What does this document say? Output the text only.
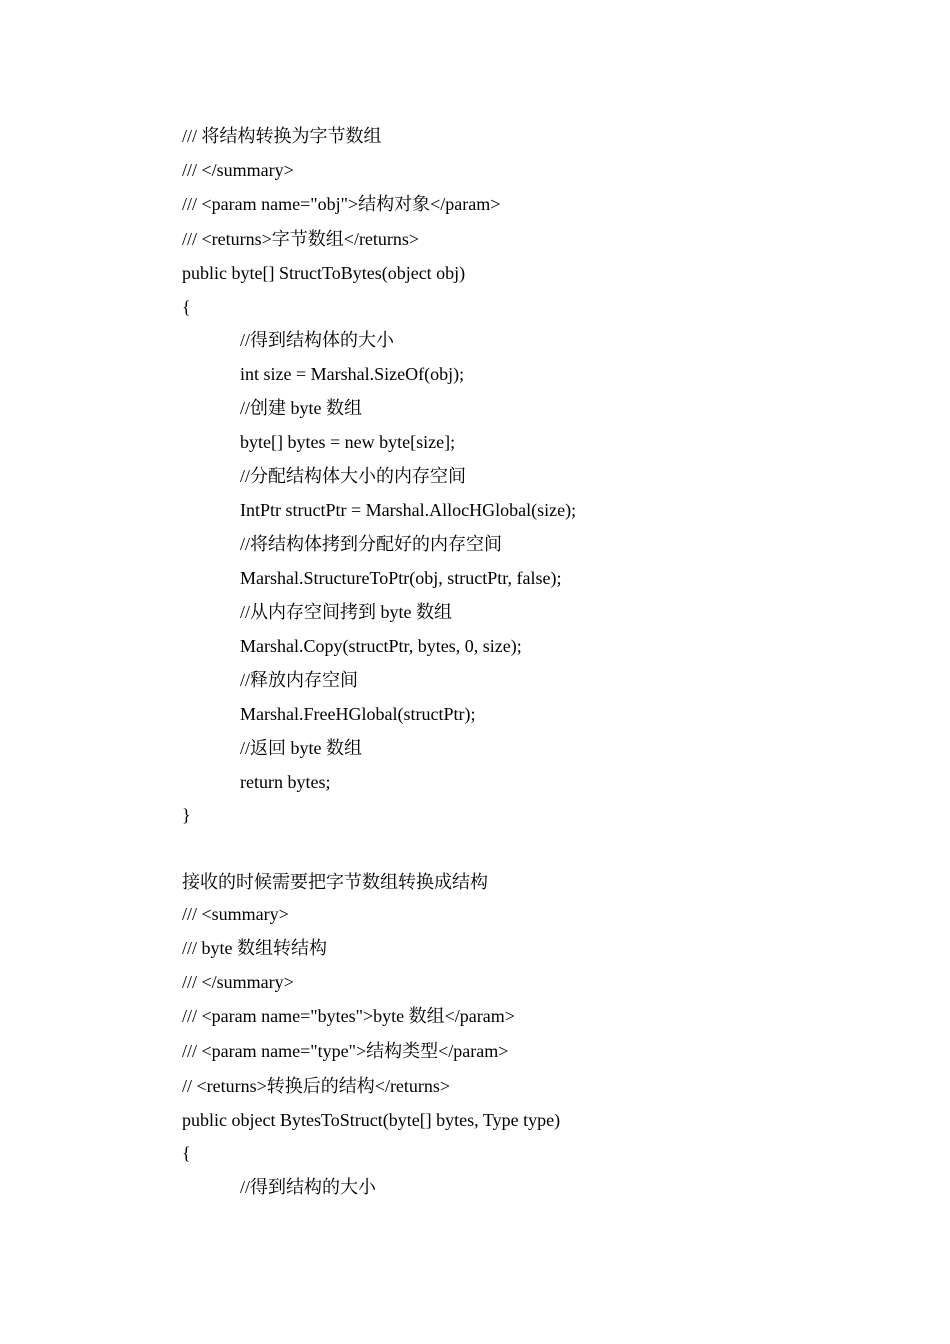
/// 将结构转换为字节数组
/// </summary>
/// <param name="obj">结构对象</param>
/// <returns>字节数组</returns>
public byte[] StructToBytes(object obj)
{
//得到结构体的大小
int size = Marshal.SizeOf(obj);
//创建 byte 数组
byte[] bytes = new byte[size];
//分配结构体大小的内存空间
IntPtr structPtr = Marshal.AllocHGlobal(size);
//将结构体拷到分配好的内存空间
Marshal.StructureToPtr(obj, structPtr, false);
//从内存空间拷到 byte 数组
Marshal.Copy(structPtr, bytes, 0, size);
//释放内存空间
Marshal.FreeHGlobal(structPtr);
//返回 byte 数组
return bytes;
}
接收的时候需要把字节数组转换成结构
/// <summary>
/// byte 数组转结构
/// </summary>
/// <param name="bytes">byte 数组</param>
/// <param name="type">结构类型</param>
// <returns>转换后的结构</returns>
public object BytesToStruct(byte[] bytes, Type type)
{
//得到结构的大小
